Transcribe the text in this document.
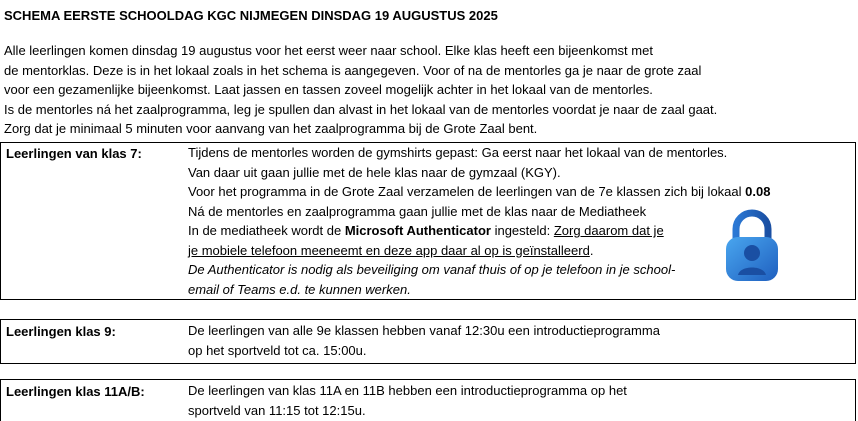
SCHEMA EERSTE SCHOOLDAG KGC NIJMEGEN DINSDAG 19 AUGUSTUS 2025
Alle leerlingen komen dinsdag 19 augustus voor het eerst weer naar school. Elke klas heeft een bijeenkomst met
de mentorklas. Deze is in het lokaal zoals in het schema is aangegeven. Voor of na de mentorles ga je naar de grote zaal
voor een gezamenlijke bijeenkomst. Laat jassen en tassen zoveel mogelijk achter in het lokaal van de mentorles.
Is de mentorles ná het zaalprogramma, leg je spullen dan alvast in het lokaal van de mentorles voordat je naar de zaal gaat.
Zorg dat je minimaal 5 minuten voor aanvang van het zaalprogramma bij de Grote Zaal bent.
Leerlingen van klas 7:	Tijdens de mentorles worden de gymshirts gepast: Ga eerst naar het lokaal van de mentorles.
Van daar uit gaan jullie met de hele klas naar de gymzaal (KGY).
Voor het programma in de Grote Zaal verzamelen de leerlingen van de 7e klassen zich bij lokaal 0.08
Ná de mentorles en zaalprogramma gaan jullie met de klas naar de Mediatheek
In de mediatheek wordt de Microsoft Authenticator ingesteld: Zorg daarom dat je
je mobiele telefoon meeneemt en deze app daar al op is geïnstalleerd.
De Authenticator is nodig als beveiliging om vanaf thuis of op je telefoon in je school-
email of Teams e.d. te kunnen werken.
Leerlingen klas 9:	De leerlingen van alle 9e klassen hebben vanaf 12:30u een introductieprogramma
op het sportveld tot ca. 15:00u.
Leerlingen klas 11A/B:	De leerlingen van klas 11A en 11B hebben een introductieprogramma op het
sportveld van 11:15 tot 12:15u.
